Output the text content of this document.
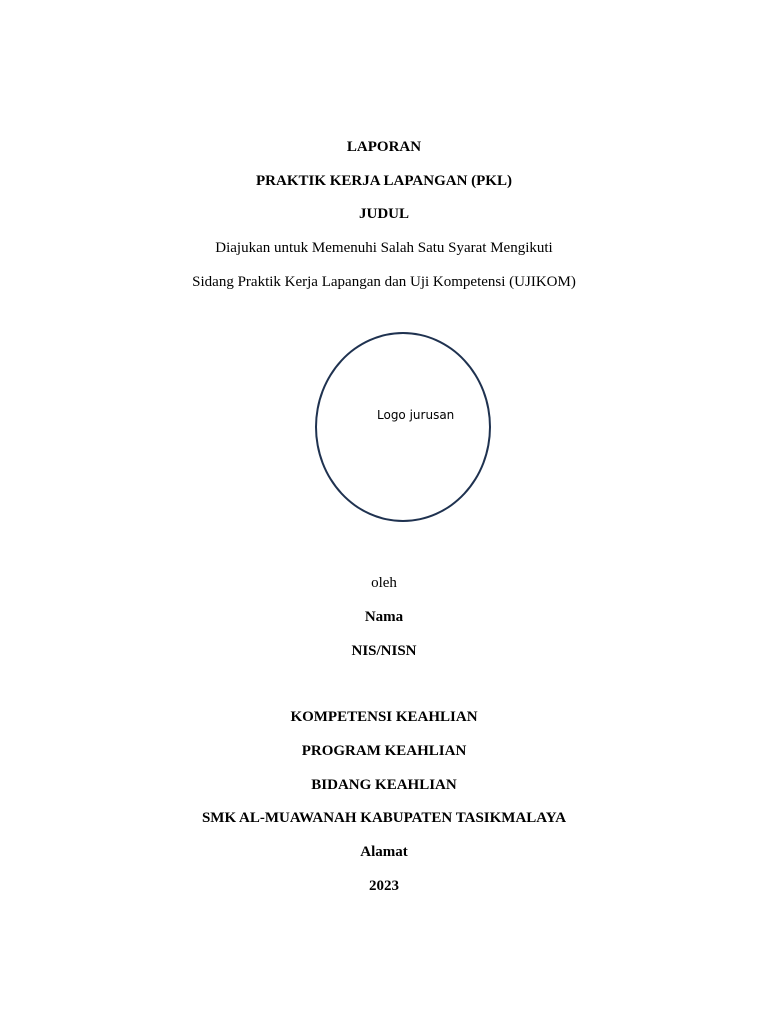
LAPORAN
PRAKTIK KERJA LAPANGAN (PKL)
JUDUL
Diajukan untuk Memenuhi Salah Satu Syarat Mengikuti
Sidang Praktik Kerja Lapangan dan Uji Kompetensi (UJIKOM)
Logo jurusan
oleh
Nama
NIS/NISN
KOMPETENSI KEAHLIAN
PROGRAM KEAHLIAN
BIDANG KEAHLIAN
SMK AL-MUAWANAH KABUPATEN TASIKMALAYA
Alamat
2023
